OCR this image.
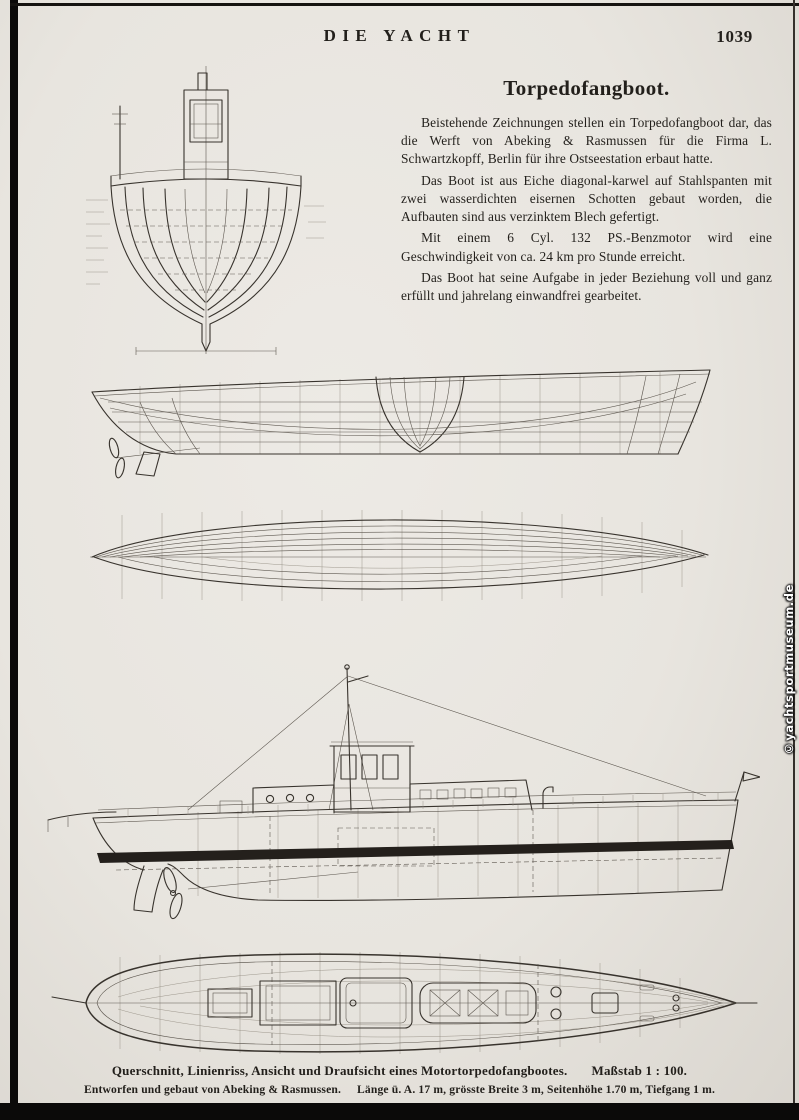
DIE YACHT	1039
Torpedofangboot.

Beistehende Zeichnungen stellen ein Torpedofangboot dar, das die Werft von Abeking & Rasmussen für die Firma L. Schwartzkopff, Berlin für ihre Ostseestation erbaut hatte.

Das Boot ist aus Eiche diagonal-karwel auf Stahlspanten mit zwei wasserdichten eisernen Schotten gebaut worden, die Aufbauten sind aus verzinktem Blech gefertigt.

Mit einem 6 Cyl. 132 PS.-Benzmotor wird eine Geschwindigkeit von ca. 24 km pro Stunde erreicht.

Das Boot hat seine Aufgabe in jeder Beziehung voll und ganz erfüllt und jahrelang einwandfrei gearbeitet.

Querschnitt, Linienriss, Ansicht und Draufsicht eines Motortorpedofangbootes. Maßstab 1 : 100.
Entworfen und gebaut von Abeking & Rasmussen. Länge ü. A. 17 m, grösste Breite 3 m, Seitenhöhe 1.70 m, Tiefgang 1 m.
©yachtsportmuseum.de
